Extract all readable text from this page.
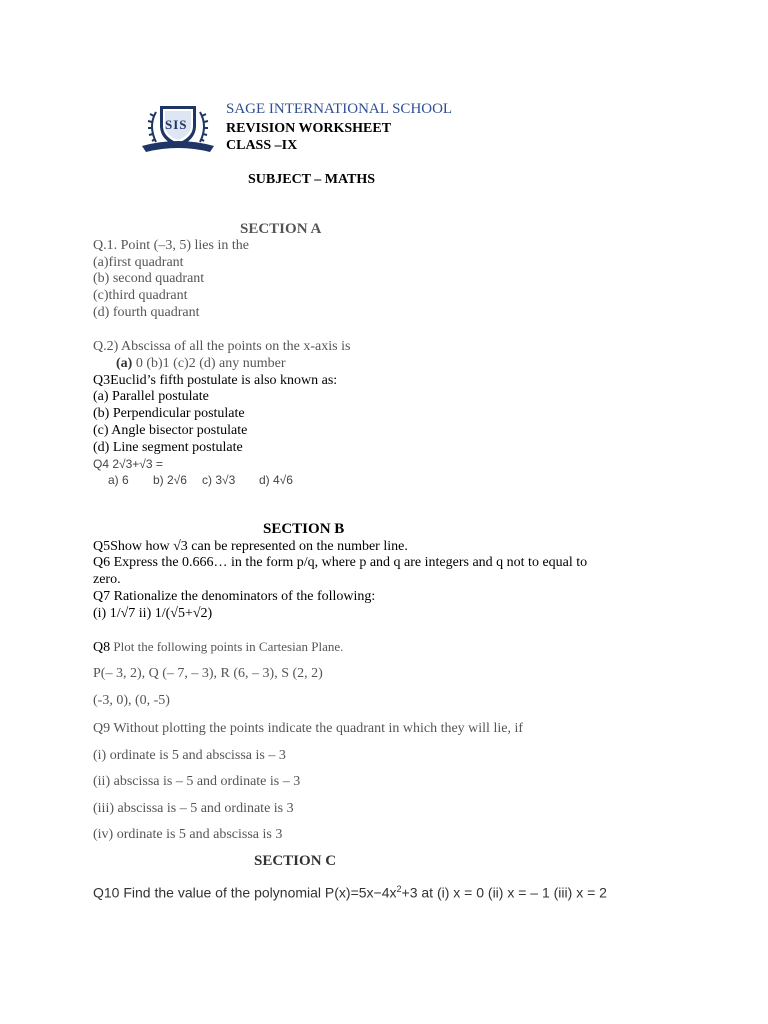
SIS
SAGE INTERNATIONAL SCHOOL
REVISION WORKSHEET
CLASS –IX
SUBJECT – MATHS
SECTION A
Q.1. Point (–3, 5) lies in the
(a)first quadrant
(b) second quadrant
(c)third quadrant
(d) fourth quadrant
Q.2) Abscissa of all the points on the x-axis is
(a) 0 (b)1 (c)2 (d) any number
Q3Euclid’s fifth postulate is also known as:
(a) Parallel postulate
(b) Perpendicular postulate
(c) Angle bisector postulate
(d) Line segment postulate
Q4 2√3+√3 =
a) 6 b) 2√6 c) 3√3 d) 4√6
SECTION B
Q5Show how √3 can be represented on the number line.
Q6 Express the 0.666… in the form p/q, where p and q are integers and q not to equal to
zero.
Q7 Rationalize the denominators of the following:
(i) 1/√7 ii) 1/(√5+√2)
Q8 Plot the following points in Cartesian Plane.
P(– 3, 2), Q (– 7, – 3), R (6, – 3), S (2, 2)
(-3, 0), (0, -5)
Q9 Without plotting the points indicate the quadrant in which they will lie, if
(i) ordinate is 5 and abscissa is – 3
(ii) abscissa is – 5 and ordinate is – 3
(iii) abscissa is – 5 and ordinate is 3
(iv) ordinate is 5 and abscissa is 3
SECTION C
Q10 Find the value of the polynomial $P(x)=5x-4x^2+3$ at (i) x = 0 (ii) x = – 1 (iii) x = 2
